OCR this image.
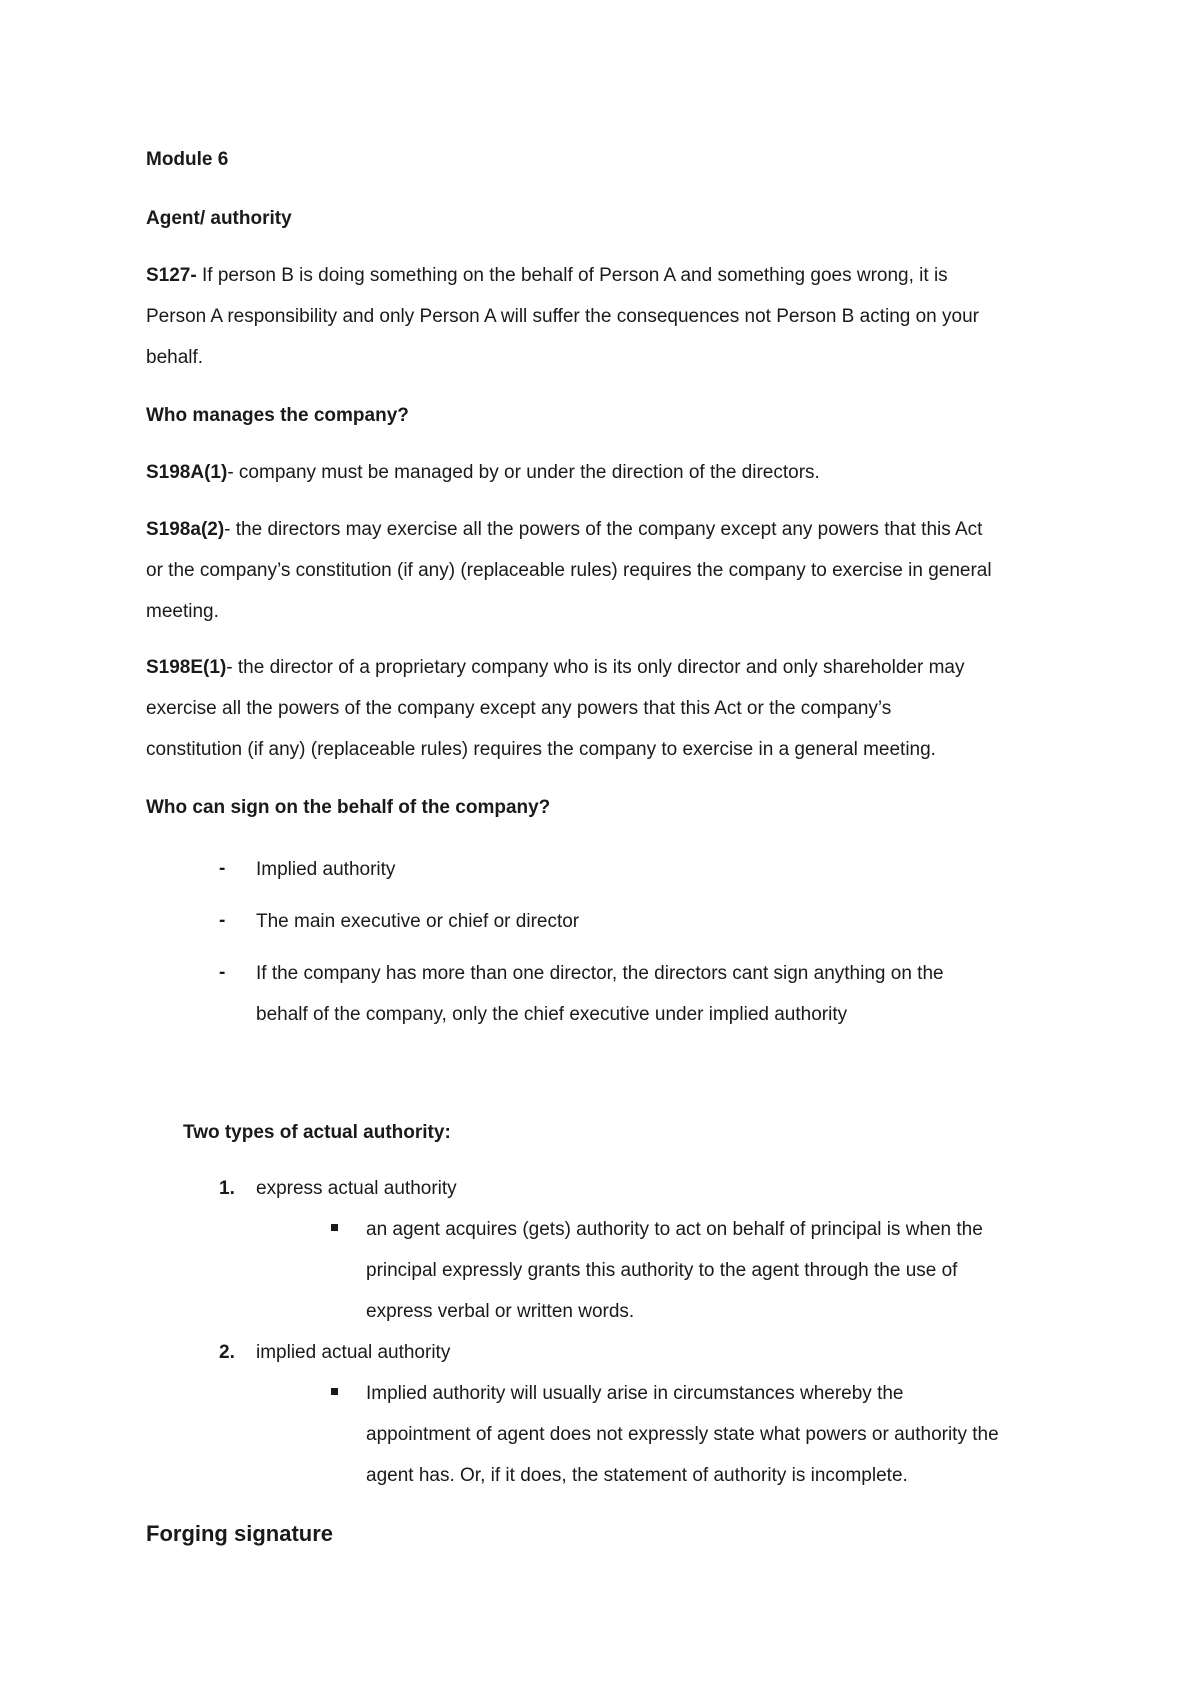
Module 6

Agent/ authority

S127- If person B is doing something on the behalf of Person A and something goes wrong, it is

Person A responsibility and only Person A will suffer the consequences not Person B acting on your

behalf.

Who manages the company?

S198A(1)- company must be managed by or under the direction of the directors.

S198a(2)- the directors may exercise all the powers of the company except any powers that this Act

or the company’s constitution (if any) (replaceable rules) requires the company to exercise in general

meeting.

S198E(1)- the director of a proprietary company who is its only director and only shareholder may

exercise all the powers of the company except any powers that this Act or the company’s

constitution (if any) (replaceable rules) requires the company to exercise in a general meeting.

Who can sign on the behalf of the company?

- Implied authority

- The main executive or chief or director

- If the company has more than one director, the directors cant sign anything on the

behalf of the company, only the chief executive under implied authority

Two types of actual authority:

1. express actual authority

an agent acquires (gets) authority to act on behalf of principal is when the

principal expressly grants this authority to the agent through the use of

express verbal or written words.

2. implied actual authority

Implied authority will usually arise in circumstances whereby the

appointment of agent does not expressly state what powers or authority the

agent has. Or, if it does, the statement of authority is incomplete.

Forging signature
